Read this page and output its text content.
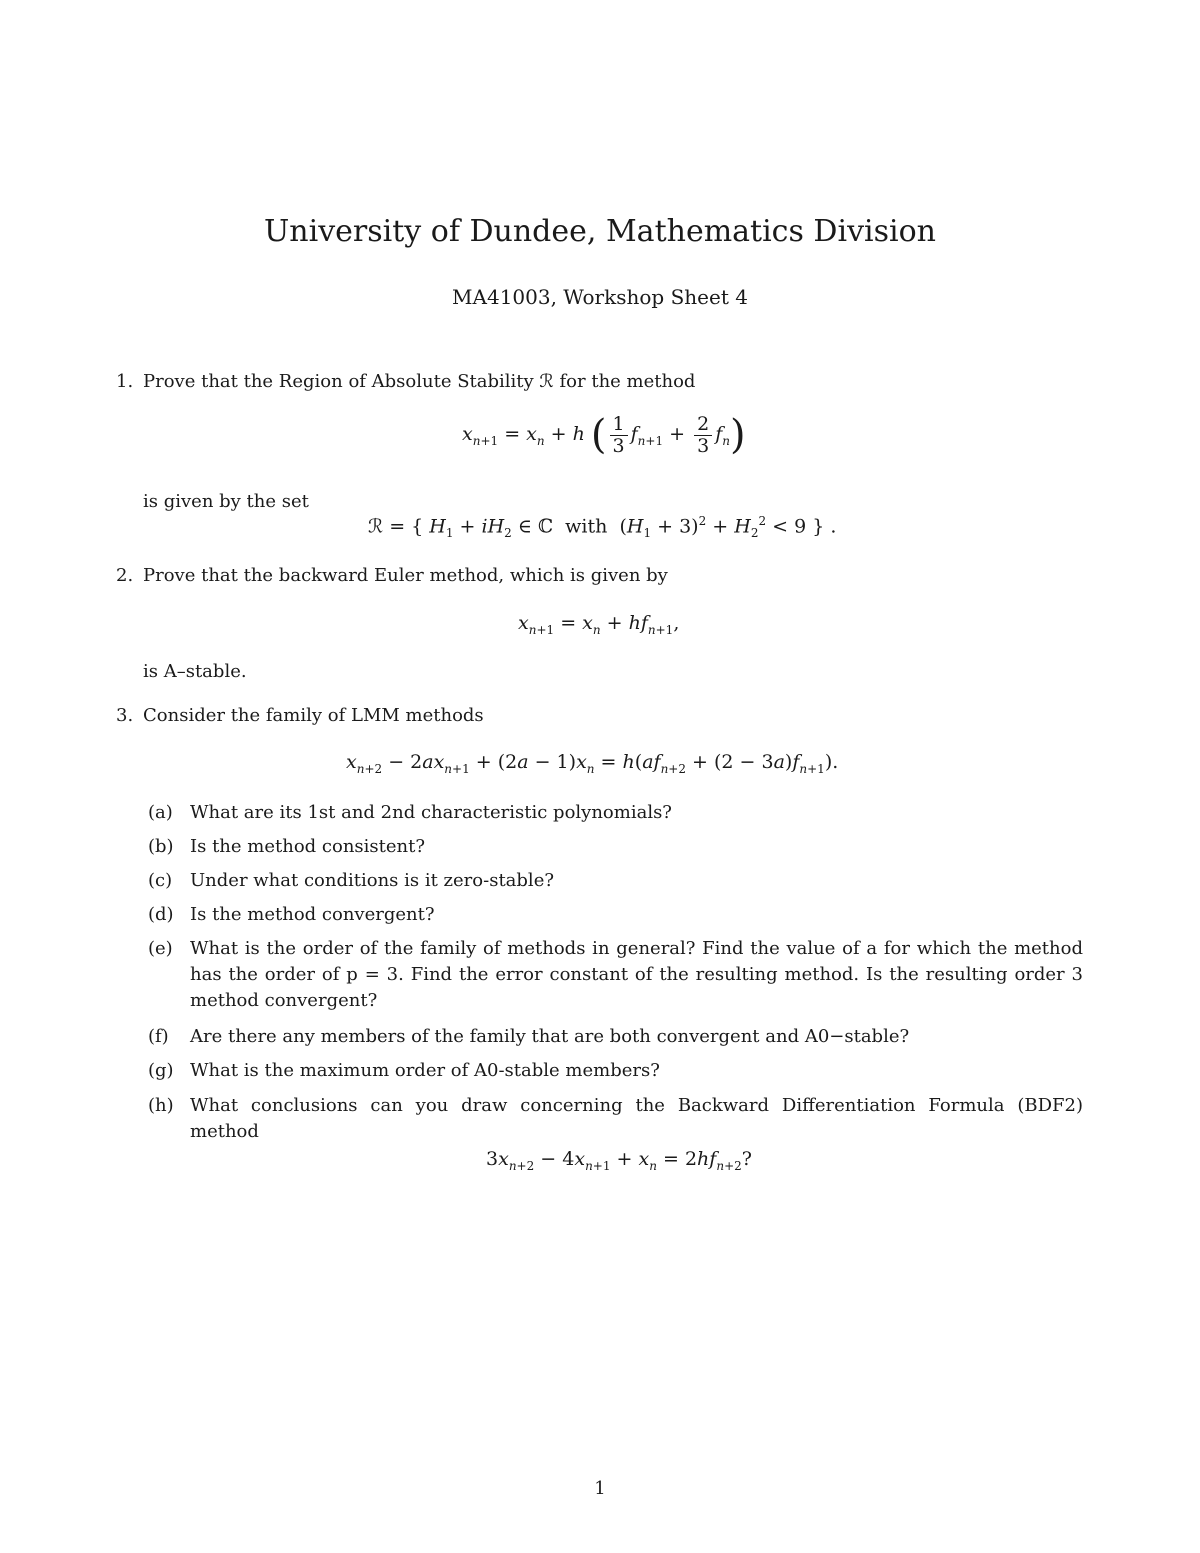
University of Dundee, Mathematics Division

MA41003, Workshop Sheet 4

1. Prove that the Region of Absolute Stability ℛ for the method
$x_{n+1} = x_n + h$ ( $\frac{1}{3} f_{n+1} + \frac{2}{3} f_n$)
is given by the set
ℛ = { $H_1 + iH_2$ ∈ ℂ  with  $(H_1 + 3)^2 + H_2^2 < 9$ } .
2. Prove that the backward Euler method, which is given by
$x_{n+1} = x_n + hf_{n+1}$,
is A–stable.
3. Consider the family of LMM methods
$x_{n+2} - 2ax_{n+1} + (2a - 1)x_n = h(af_{n+2} + (2 - 3a)f_{n+1})$.
(a) What are its 1st and 2nd characteristic polynomials?
(b) Is the method consistent?
(c) Under what conditions is it zero-stable?
(d) Is the method convergent?
(e) What is the order of the family of methods in general? Find the value of a for which the method has the order of p = 3. Find the error constant of the resulting method. Is the resulting order 3 method convergent?
(f) Are there any members of the family that are both convergent and A0−stable?
(g) What is the maximum order of A0-stable members?
(h) What conclusions can you draw concerning the Backward Differentiation Formula (BDF2) method
$3x_{n+2} - 4x_{n+1} + x_n = 2hf_{n+2}$?
1
